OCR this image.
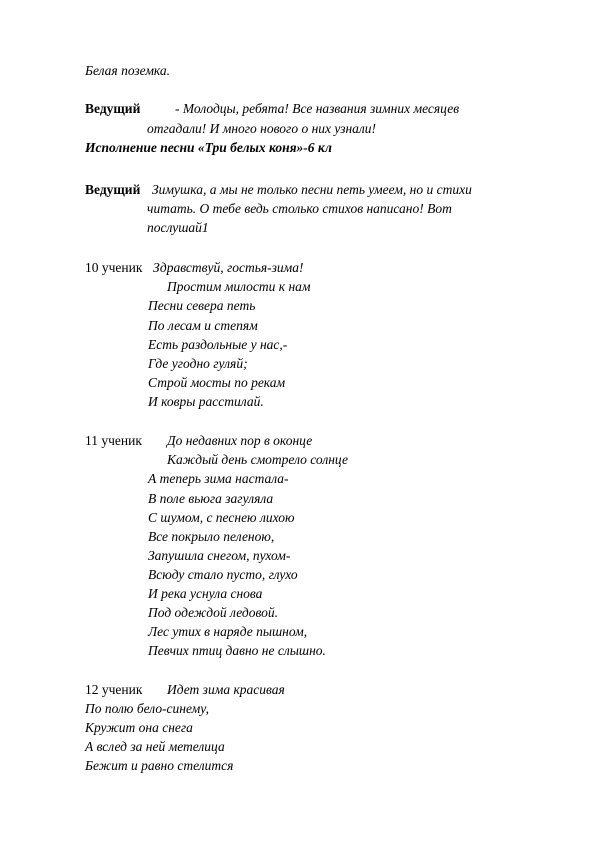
Белая поземка.
Ведущий	- Молодцы, ребята! Все названия зимних месяцев
отгадали! И много нового о них узнали!
Исполнение песни «Три белых коня»-6 кл
Ведущий Зимушка, а мы не только песни петь умеем, но и стихи
читать. О тебе ведь столько стихов написано! Вот
послушай1
10 ученик Здравствуй, гостья-зима!
Простим милости к нам
Песни севера петь
По лесам и степям
Есть раздольные у нас,-
Где угодно гуляй;
Строй мосты по рекам
И ковры расстилай.
11 ученик До недавних пор в оконце
Каждый день смотрело солнце
А теперь зима настала-
В поле вьюга загуляла
С шумом, с песнею лихою
Все покрыло пеленою,
Запушила снегом, пухом-
Всюду стало пусто, глухо
И река уснула снова
Под одеждой ледовой.
Лес утих в наряде пышном,
Певчих птиц давно не слышно.
12 ученик Идет зима красивая
По полю бело-синему,
Кружит она снега
А вслед за ней метелица
Бежит и равно стелится
